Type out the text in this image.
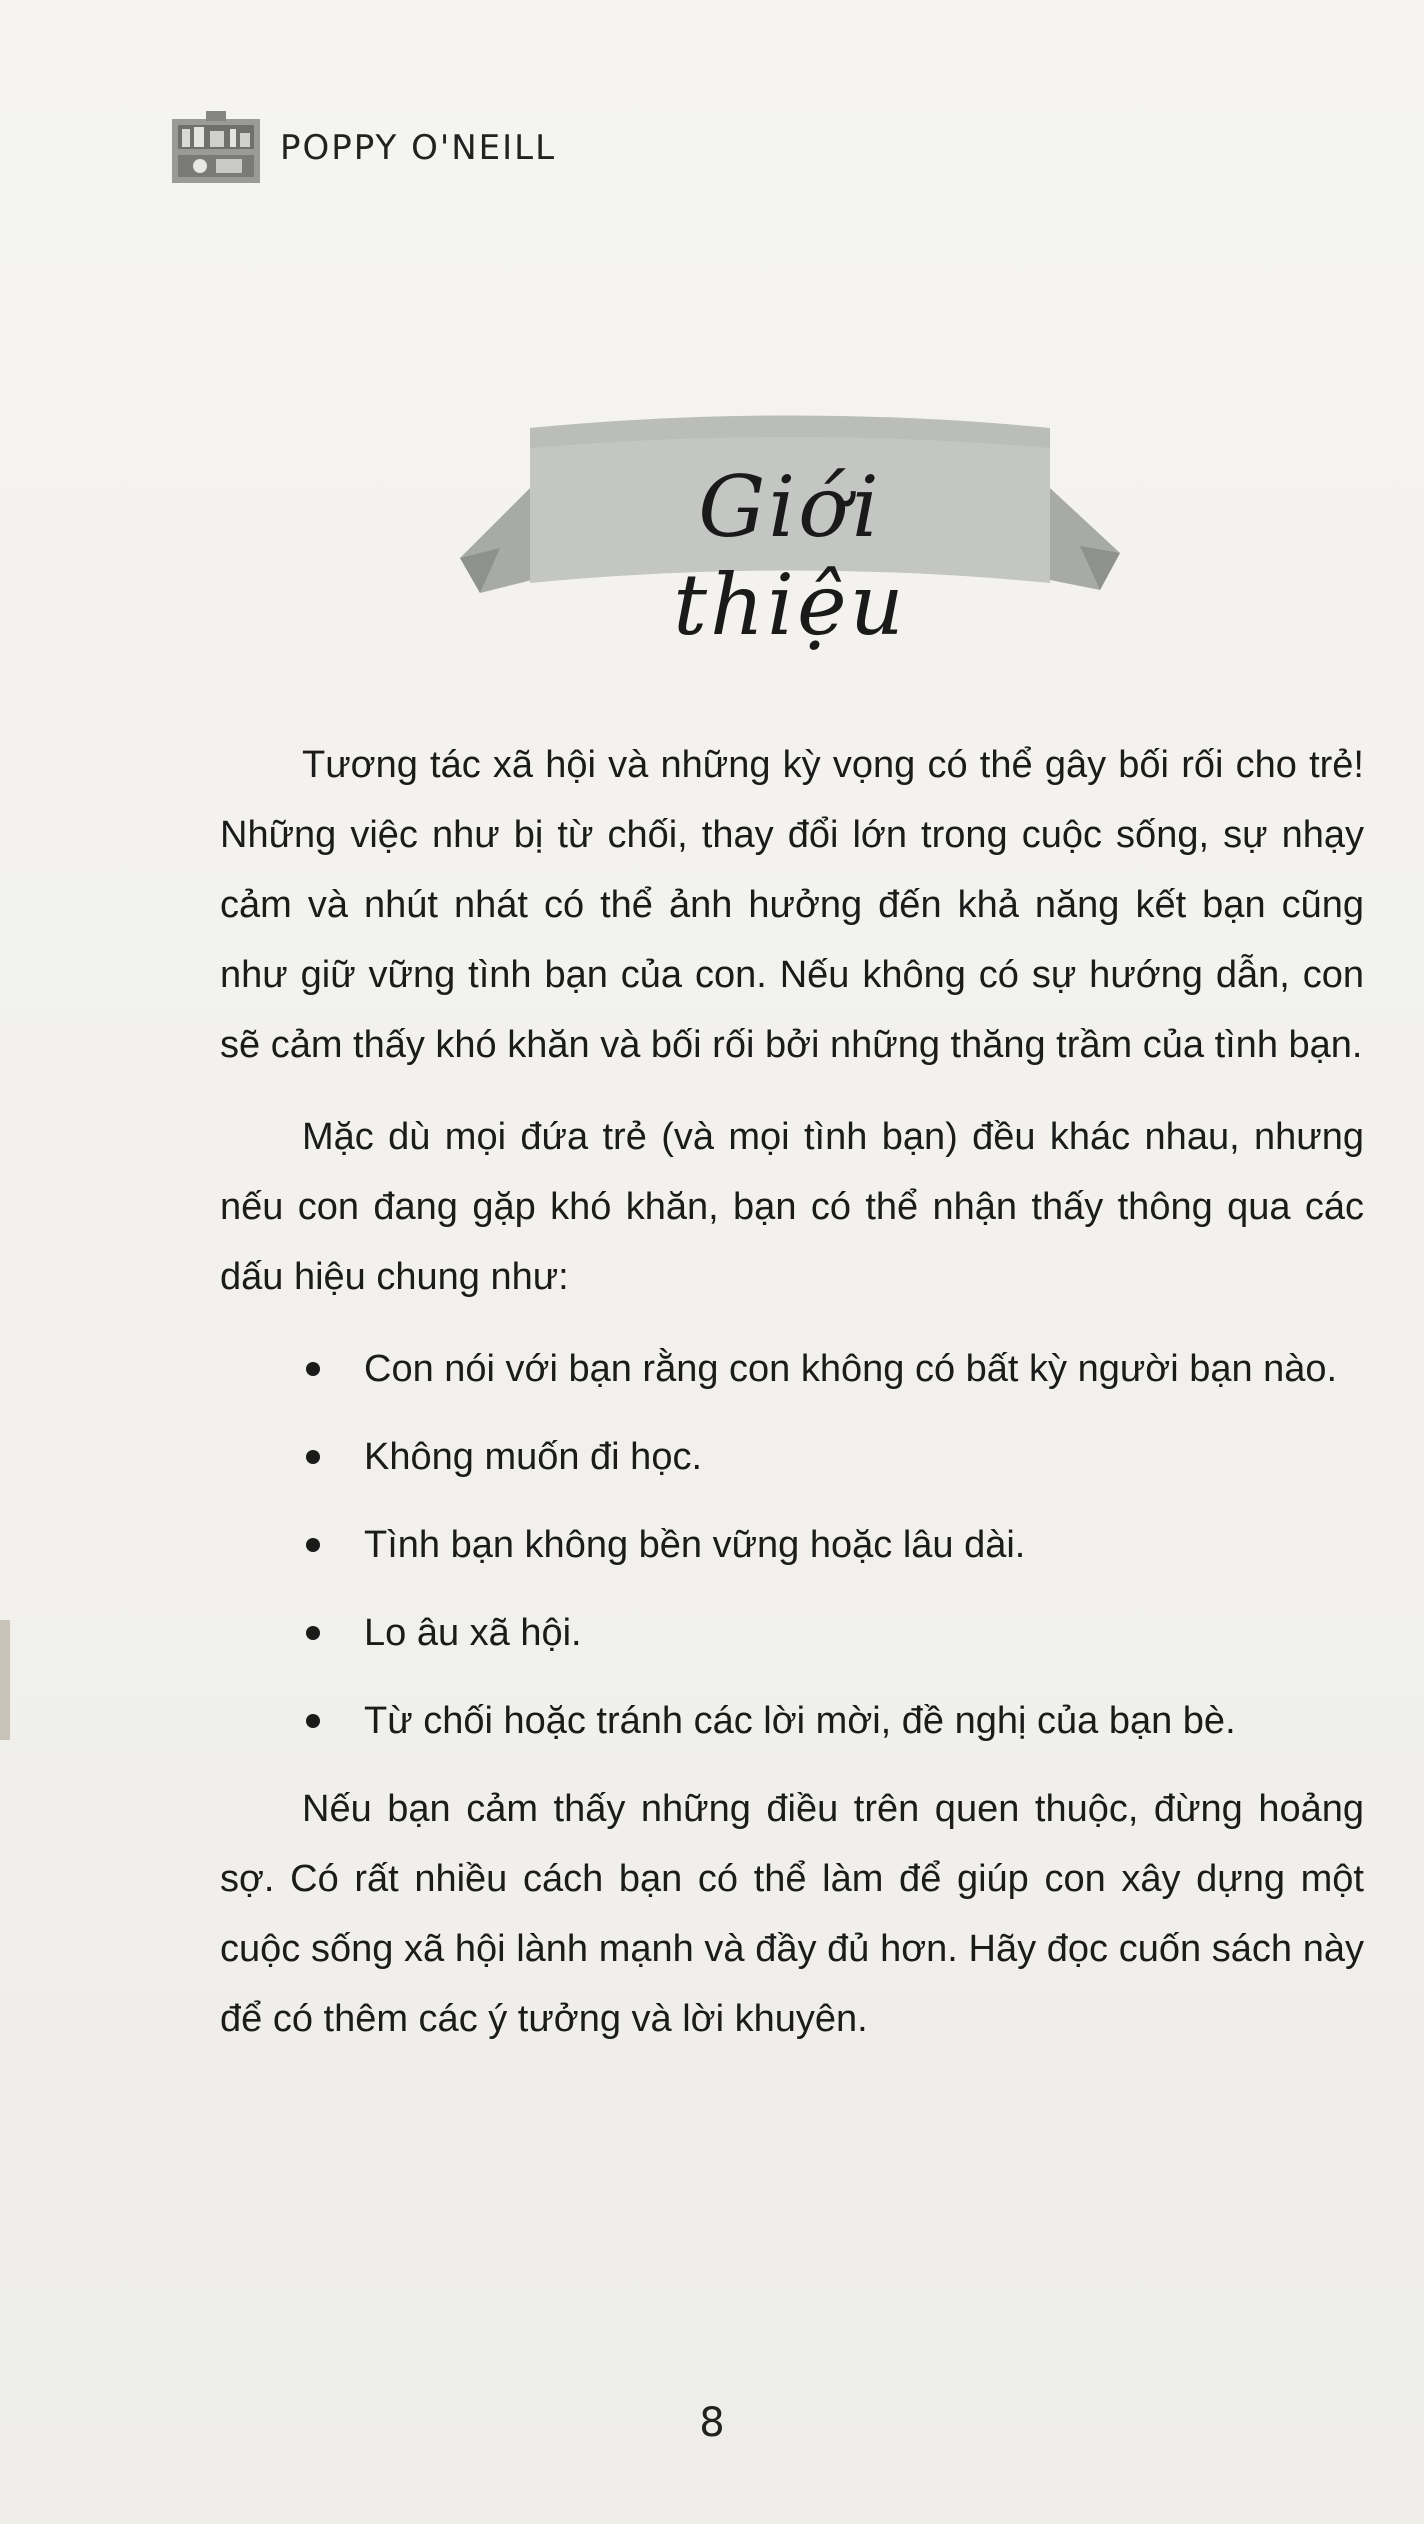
POPPY O'NEILL
Giới thiệu

Tương tác xã hội và những kỳ vọng có thể gây bối rối cho trẻ! Những việc như bị từ chối, thay đổi lớn trong cuộc sống, sự nhạy cảm và nhút nhát có thể ảnh hưởng đến khả năng kết bạn cũng như giữ vững tình bạn của con. Nếu không có sự hướng dẫn, con sẽ cảm thấy khó khăn và bối rối bởi những thăng trầm của tình bạn.

Mặc dù mọi đứa trẻ (và mọi tình bạn) đều khác nhau, nhưng nếu con đang gặp khó khăn, bạn có thể nhận thấy thông qua các dấu hiệu chung như:

Con nói với bạn rằng con không có bất kỳ người bạn nào.
Không muốn đi học.
Tình bạn không bền vững hoặc lâu dài.
Lo âu xã hội.
Từ chối hoặc tránh các lời mời, đề nghị của bạn bè.

Nếu bạn cảm thấy những điều trên quen thuộc, đừng hoảng sợ. Có rất nhiều cách bạn có thể làm để giúp con xây dựng một cuộc sống xã hội lành mạnh và đầy đủ hơn. Hãy đọc cuốn sách này để có thêm các ý tưởng và lời khuyên.

8
